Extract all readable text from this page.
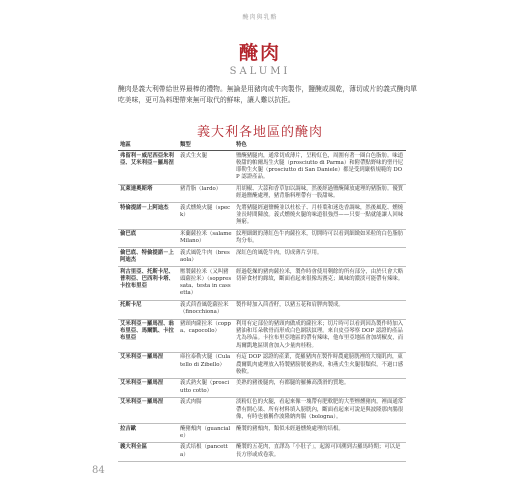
醃肉與乳酪
醃肉
SALUMI
醃肉是義大利帶給世界最棒的禮物。無論是用豬肉或牛肉製作，鹽醃或風乾，薄切或片的義式醃肉單吃美味，更可為料理帶來無可取代的鮮味，讓人難以抗拒。
義大利各地區的醃肉
地區	類型	特色
弗留利－威尼西亞朱利亞、艾米利亞－羅馬涅	義式生火腿	鹽醃豬腿肉，通常切成薄片，呈粉紅色，周圍有著一圈白色脂肪。味道較甜的帕爾馬生火腿（prosciutto di Parma）和附帶點野味的聖丹尼耶勒生火腿（prosciutto di San Daniele）都是受到嚴格規範的 DOP 認證產品。
瓦萊達奧斯塔	豬背脂（lardo）	用胡椒、大蒜和香草加以調味，然後經過鹽醃陳放處理的豬脂肪。優質經過鹽醃處理，豬背脂料理帶有一股甜味。
特倫提諾－上阿迪杰	義式燻燒火腿（speck）	先將豬腿經過鹽醃並以杜松子、月桂葉和迷迭香調味，然後風乾、燻燒並長時間陳放。義式燻燒火腿的味道很強烈——只要一點就能讓人回味無窮。
倫巴底	米蘭薩拉米（salame Milano）	紋理細緻的薄紅色牛肉薩拉米，切開時可以看到細緻如米粒的白色脂肪均分布。
倫巴底、特倫提諾－上阿迪杰	義式風乾牛肉（bresaola）	深紅色的風乾牛肉，切成薄片享用。
利古里亞、托斯卡尼、普利亞、巴西利卡塔、卡拉布里亞	壓製薩拉米（又叫豬頭薩拉米）（soppressata、testa in cassetta）	經過乾燥的豬肉薩拉米，製作時會使用剩餘的所有部分，由於只會大略切碎食材的緣故，斷面看起來很像馬賽克；風味的濃淡可能帶有辣味。
托斯卡尼	義式茴香風乾薩拉米（finocchiona）	製作時加入茴香籽，以豬五花和肩胛肉製成。
艾米利亞－羅馬涅、翁布里亞、馬爾凱、卡拉布里亞	豬頸肉薩拉米（coppa、capocollo）	利用有定部位的豬頸肉做成的薩拉米；切片時可以看到因為製作時加入豬油和耳朵軟骨而形成白色網狀紋理。來自皮亞琴察 DOP 認證的產品尤為珍品。卡拉布里亞地區的帶有辣味，他布里亞地區會加胡椒皮，而馬爾凱地區則會加入少量肉桂粉。
艾米利亞－羅馬涅	庫拉泰勒火腿（Culatello di Zibello）	有這 DOP 認證的產業，從羅豬肉在製作時農處膀胱裡的大塊肌肉，東農爾肌肉處理放入特製豬膀胱後熟成，和燕式生火腿很類似，不過口感較軟。
艾米利亞－羅馬涅	義式熟火腿（prosciutto cotto）	美熟的豬後腿肉，有都腿的羅擁高漢滑的質地。
艾米利亞－羅馬涅	義式肉腸	淡粉紅色的火腿，看起來像一塊帶有肥軟肥的大型煙燻豬肉，裡面通常帶有開心果、所有材料填入膀胱內，斷面看起來可說是與波隆那肉腸很像，有時也被稱作波隆納肉腸（bologna）。
拉吉歐	醃豬頰肉（guanciale）	醃製的豬頰肉，類似未經過燻燒處理的培根。
義大利全區	義式培根（pancetta）	醃製的五花肉，直譯為「小肚子」，起源可回溯到古羅馬時期；可以是長方形或成卷狀。
84
